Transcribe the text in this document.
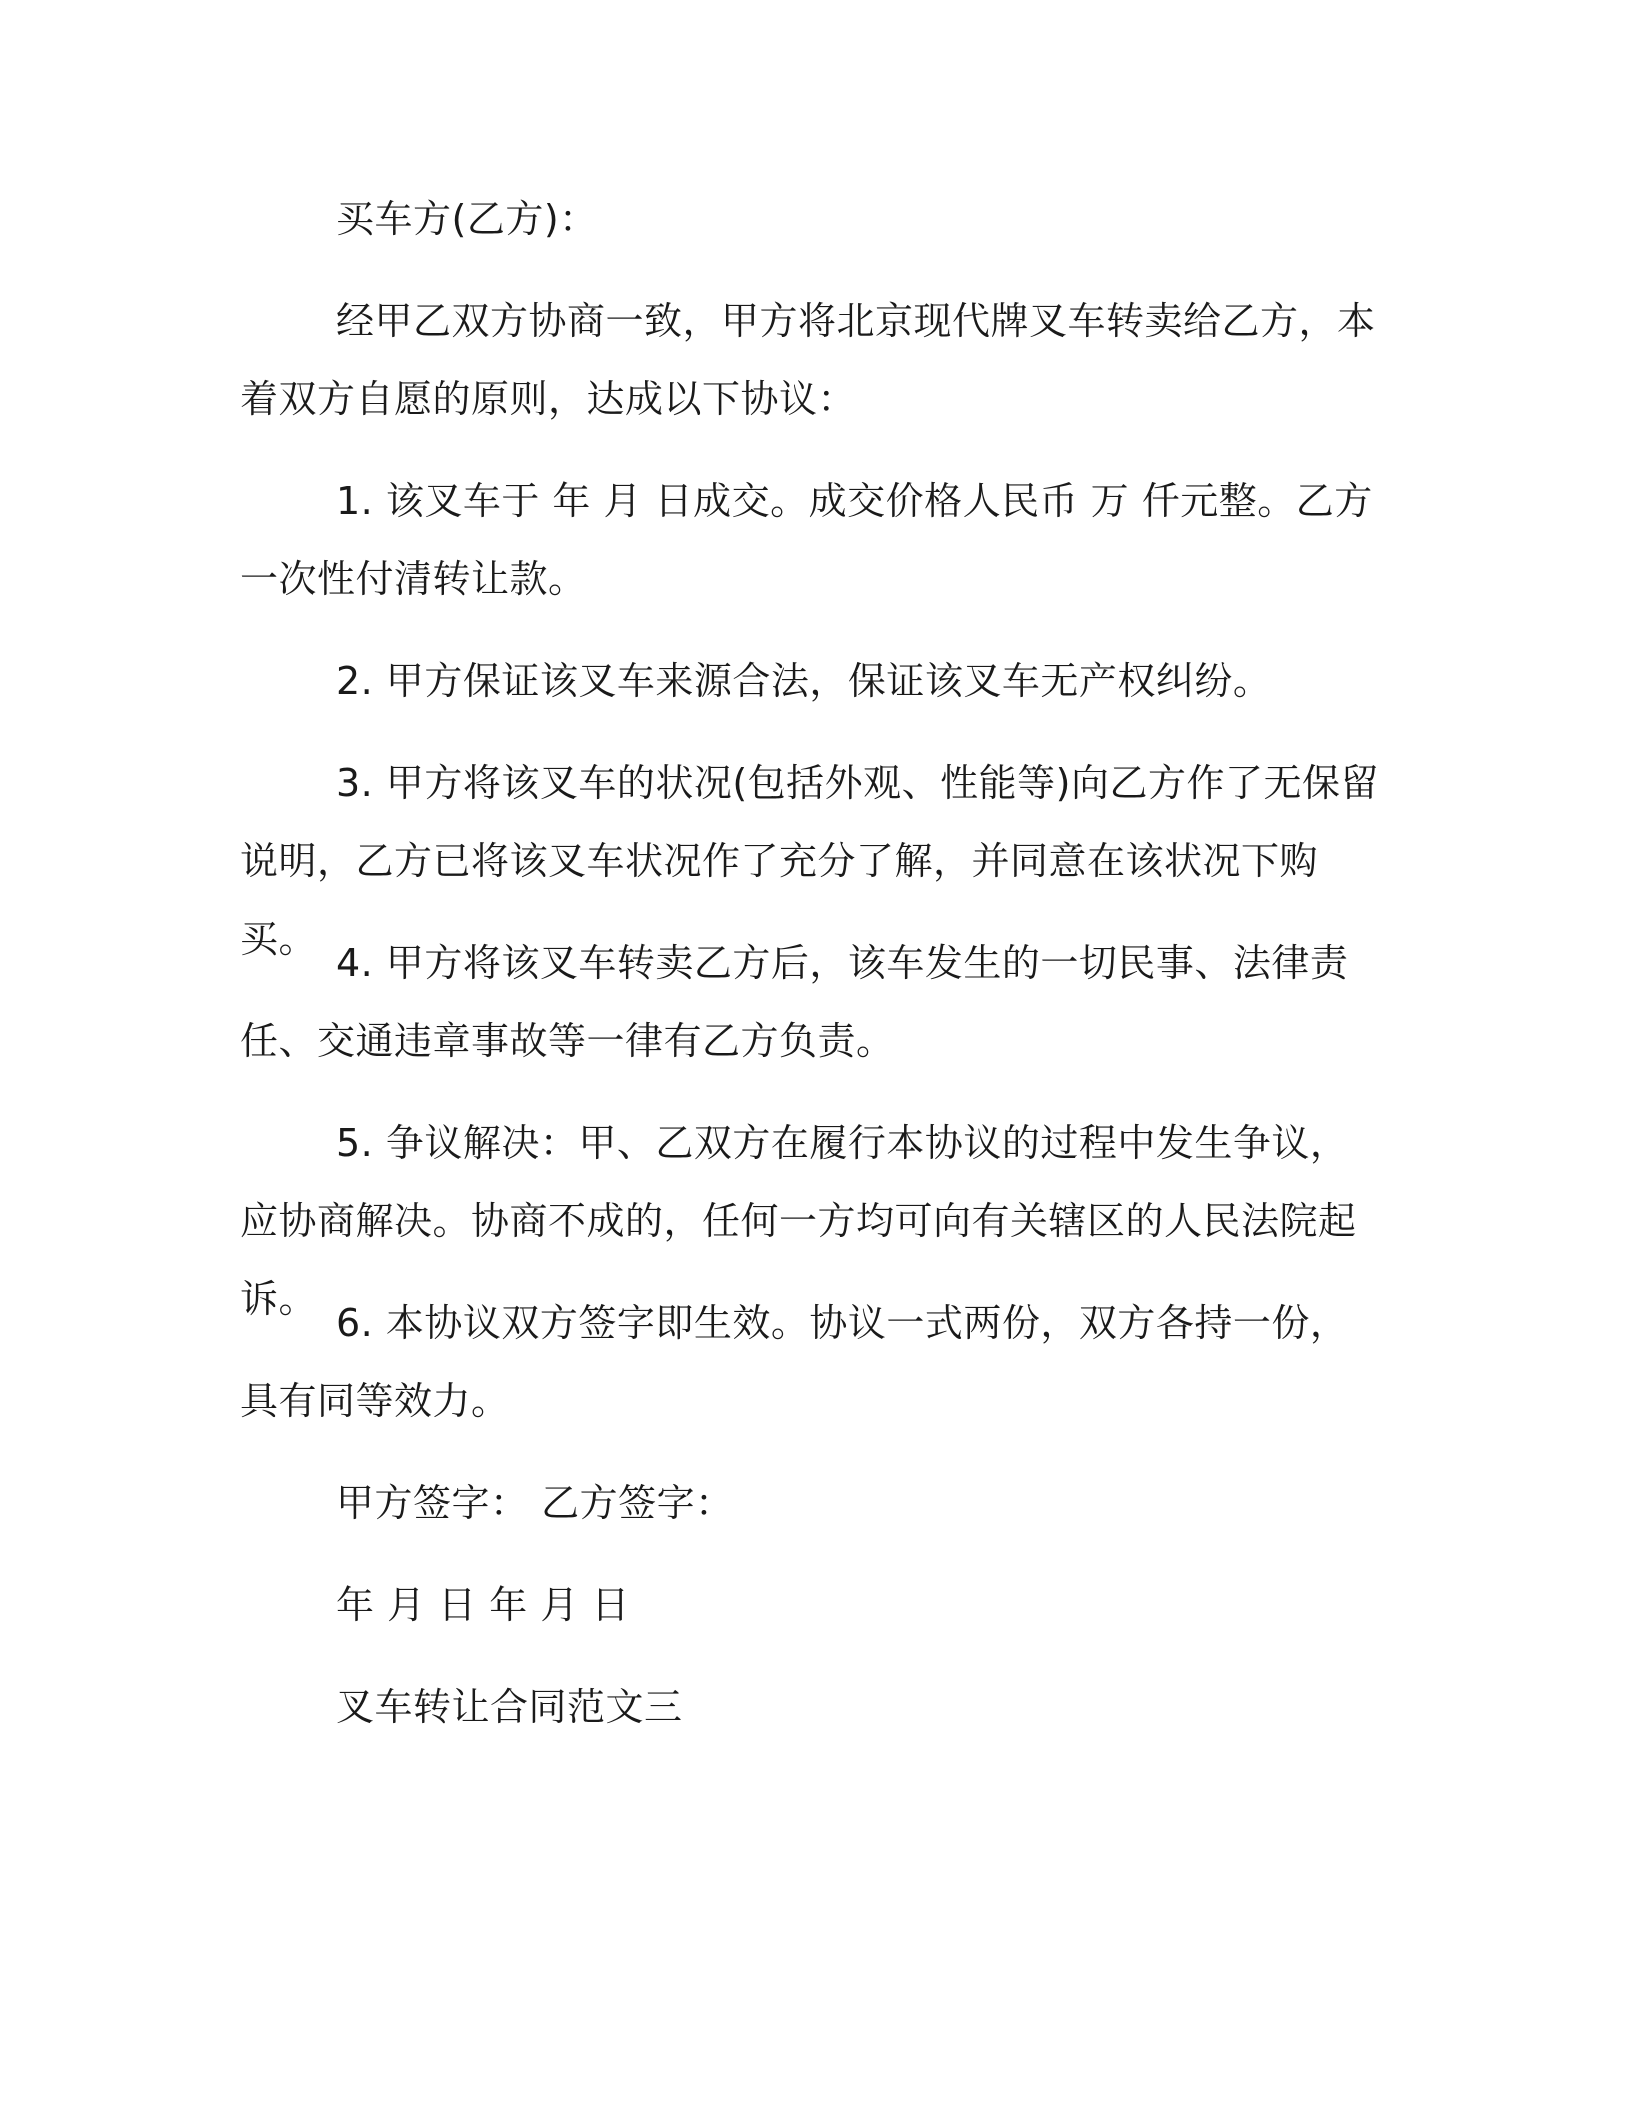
买车方(乙方)：

经甲乙双方协商一致，甲方将北京现代牌叉车转卖给乙方，本着双方自愿的原则，达成以下协议：

1. 该叉车于 年 月 日成交。成交价格人民币 万 仟元整。乙方一次性付清转让款。

2. 甲方保证该叉车来源合法，保证该叉车无产权纠纷。

3. 甲方将该叉车的状况(包括外观、性能等)向乙方作了无保留说明，乙方已将该叉车状况作了充分了解，并同意在该状况下购买。

4. 甲方将该叉车转卖乙方后，该车发生的一切民事、法律责任、交通违章事故等一律有乙方负责。

5. 争议解决：甲、乙双方在履行本协议的过程中发生争议，应协商解决。协商不成的，任何一方均可向有关辖区的人民法院起诉。

6. 本协议双方签字即生效。协议一式两份，双方各持一份，具有同等效力。

甲方签字： 乙方签字：

年 月 日 年 月 日

叉车转让合同范文三
